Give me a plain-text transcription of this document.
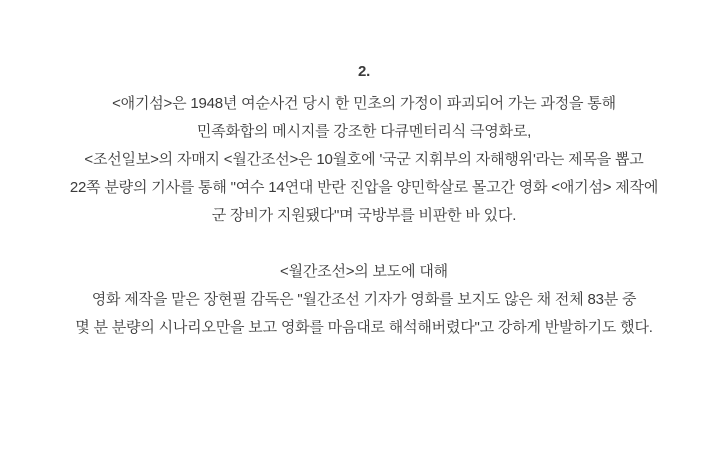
2.
<애기섬>은 1948년 여순사건 당시 한 민초의 가정이 파괴되어 가는 과정을 통해
민족화합의 메시지를 강조한 다큐멘터리식 극영화로,
<조선일보>의 자매지 <월간조선>은 10월호에 '국군 지휘부의 자해행위'라는 제목을 뽑고
22쪽 분량의 기사를 통해 "여수 14연대 반란 진압을 양민학살로 몰고간 영화 <애기섬> 제작에
군 장비가 지원됐다"며 국방부를 비판한 바 있다.
<월간조선>의 보도에 대해
영화 제작을 맡은 장현필 감독은 "월간조선 기자가 영화를 보지도 않은 채 전체 83분 중
몇 분 분량의 시나리오만을 보고 영화를 마음대로 해석해버렸다"고 강하게 반발하기도 했다.
